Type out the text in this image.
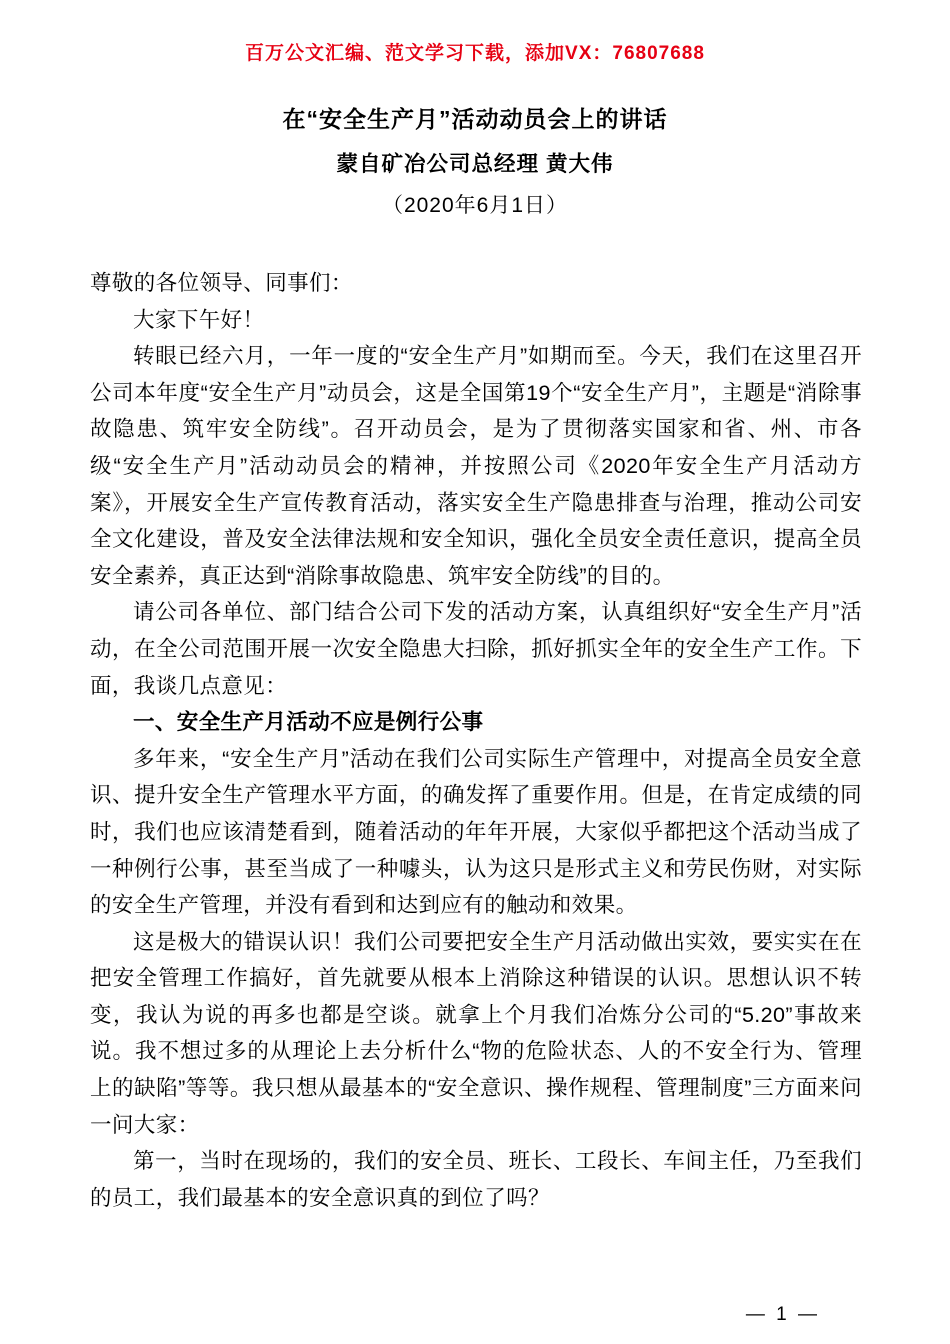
百万公文汇编、范文学习下载，添加VX：76807688
在“安全生产月”活动动员会上的讲话
蒙自矿冶公司总经理 黄大伟
（2020年6月1日）

尊敬的各位领导、同事们：

大家下午好！

转眼已经六月，一年一度的“安全生产月”如期而至。今天，我们在这里召开公司本年度“安全生产月”动员会，这是全国第19个“安全生产月”，主题是“消除事故隐患、筑牢安全防线”。召开动员会，是为了贯彻落实国家和省、州、市各级“安全生产月”活动动员会的精神，并按照公司《2020年安全生产月活动方案》，开展安全生产宣传教育活动，落实安全生产隐患排查与治理，推动公司安全文化建设，普及安全法律法规和安全知识，强化全员安全责任意识，提高全员安全素养，真正达到“消除事故隐患、筑牢安全防线”的目的。

请公司各单位、部门结合公司下发的活动方案，认真组织好“安全生产月”活动，在全公司范围开展一次安全隐患大扫除，抓好抓实全年的安全生产工作。下面，我谈几点意见：

一、安全生产月活动不应是例行公事

多年来，“安全生产月”活动在我们公司实际生产管理中，对提高全员安全意识、提升安全生产管理水平方面，的确发挥了重要作用。但是，在肯定成绩的同时，我们也应该清楚看到，随着活动的年年开展，大家似乎都把这个活动当成了一种例行公事，甚至当成了一种噱头，认为这只是形式主义和劳民伤财，对实际的安全生产管理，并没有看到和达到应有的触动和效果。

这是极大的错误认识！我们公司要把安全生产月活动做出实效，要实实在在把安全管理工作搞好，首先就要从根本上消除这种错误的认识。思想认识不转变，我认为说的再多也都是空谈。就拿上个月我们冶炼分公司的“5.20”事故来说。我不想过多的从理论上去分析什么“物的危险状态、人的不安全行为、管理上的缺陷”等等。我只想从最基本的“安全意识、操作规程、管理制度”三方面来问一问大家：

第一，当时在现场的，我们的安全员、班长、工段长、车间主任，乃至我们的员工，我们最基本的安全意识真的到位了吗？

— 1 —
